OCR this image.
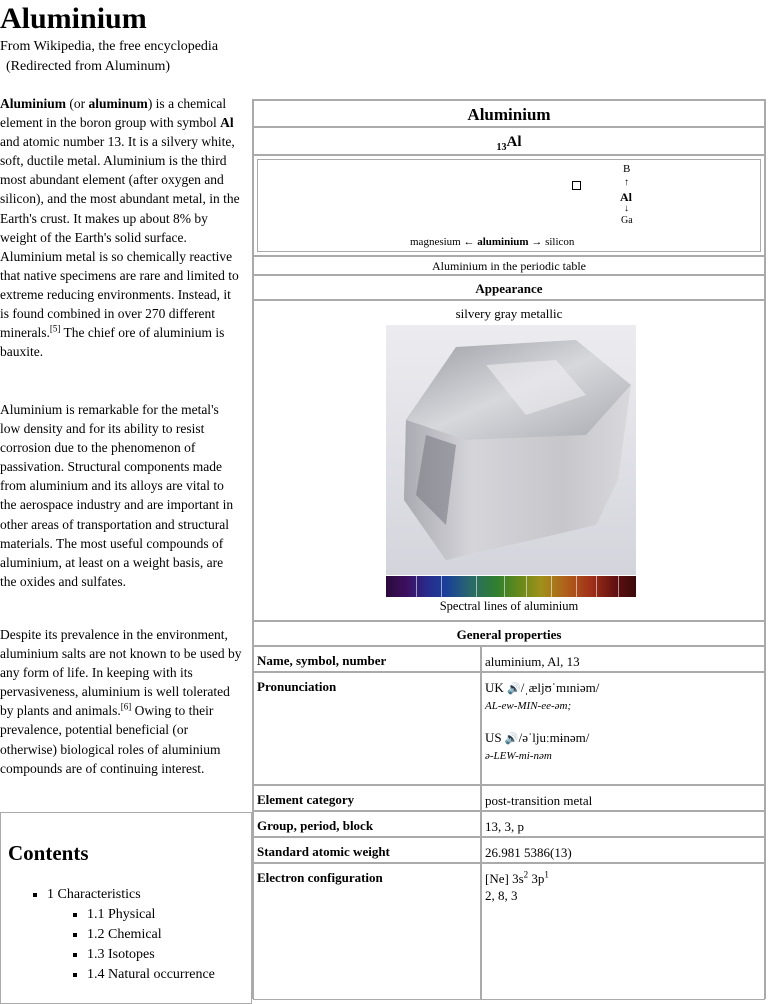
Aluminium
From Wikipedia, the free encyclopedia
(Redirected from Aluminum)

Aluminium (or aluminum) is a chemical element in the boron group with symbol Al and atomic number 13. It is a silvery white, soft, ductile metal. Aluminium is the third most abundant element (after oxygen and silicon), and the most abundant metal, in the Earth's crust. It makes up about 8% by weight of the Earth's solid surface. Aluminium metal is so chemically reactive that native specimens are rare and limited to extreme reducing environments. Instead, it is found combined in over 270 different minerals.[5] The chief ore of aluminium is bauxite.

Aluminium is remarkable for the metal's low density and for its ability to resist corrosion due to the phenomenon of passivation. Structural components made from aluminium and its alloys are vital to the aerospace industry and are important in other areas of transportation and structural materials. The most useful compounds of aluminium, at least on a weight basis, are the oxides and sulfates.

Despite its prevalence in the environment, aluminium salts are not known to be used by any form of life. In keeping with its pervasiveness, aluminium is well tolerated by plants and animals.[6] Owing to their prevalence, potential beneficial (or otherwise) biological roles of aluminium compounds are of continuing interest.

Contents
▪ 1 Characteristics
▪ 1.1 Physical
▪ 1.2 Chemical
▪ 1.3 Isotopes
▪ 1.4 Natural occurrence
Aluminium
$_{13}$Al
B
↑
Al
↓
Ga
magnesium ← aluminium → silicon
Aluminium in the periodic table
Appearance
silvery gray metallic
Spectral lines of aluminium
General properties
Name, symbol, number	aluminium, Al, 13
Pronunciation	UK 🔊/ˌæljʊˈmɪniəm/
AL-ew-MIN-ee-əm;
US 🔊/əˈljuːmɨnəm/
ə-LEW-mi-nəm
Element category	post-transition metal
Group, period, block	13, 3, p
Standard atomic weight	26.981 5386(13)
Electron configuration	[Ne] $3s^2$ $3p^1$
2, 8, 3
